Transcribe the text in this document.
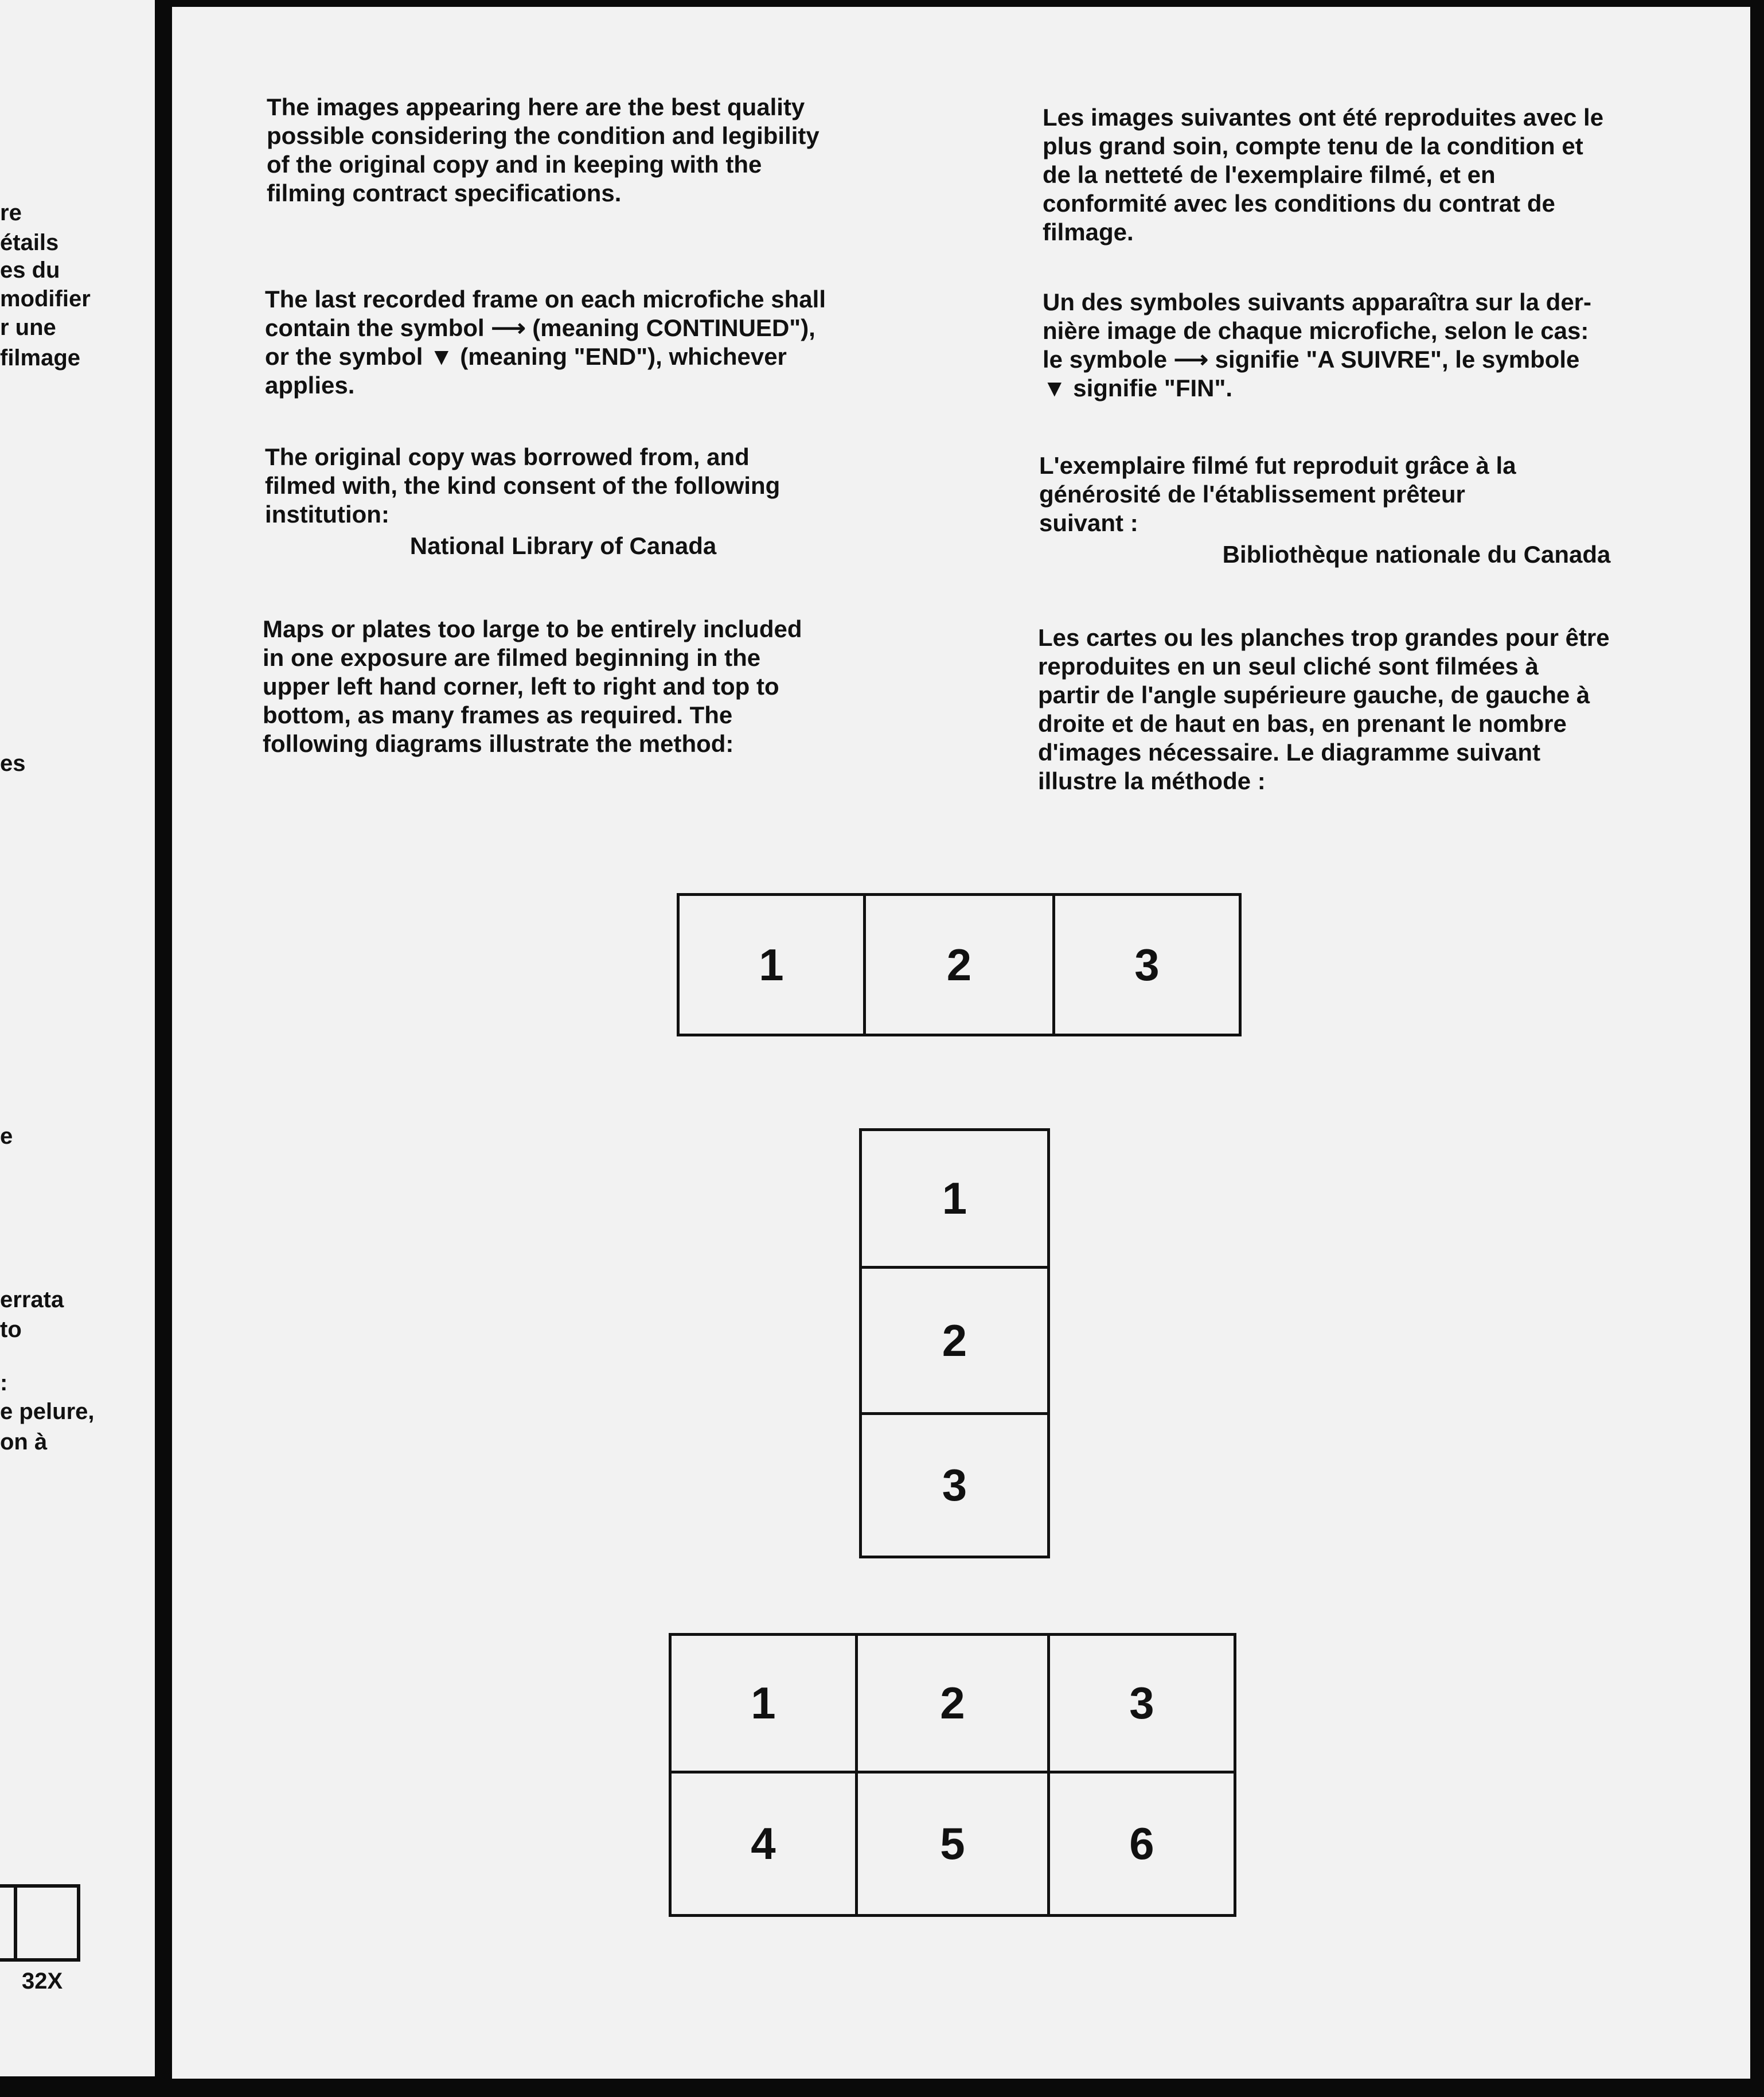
re
étails
es du
modifier
r une
filmage
es
e
errata
to
:
e pelure,
on à
32X

The images appearing here are the best quality

possible considering the condition and legibility

of the original copy and in keeping with the

filming contract specifications.

The last recorded frame on each microfiche shall

contain the symbol ⟶ (meaning CONTINUED"),

or the symbol ▼ (meaning "END"), whichever

applies.

The original copy was borrowed from, and

filmed with, the kind consent of the following

institution:

National Library of Canada

Maps or plates too large to be entirely included

in one exposure are filmed beginning in the

upper left hand corner, left to right and top to

bottom, as many frames as required. The

following diagrams illustrate the method:

Les images suivantes ont été reproduites avec le

plus grand soin, compte tenu de la condition et

de la netteté de l'exemplaire filmé, et en

conformité avec les conditions du contrat de

filmage.

Un des symboles suivants apparaîtra sur la der-

nière image de chaque microfiche, selon le cas:

le symbole ⟶ signifie "A SUIVRE", le symbole

▼ signifie "FIN".

L'exemplaire filmé fut reproduit grâce à la

générosité de l'établissement prêteur

suivant :

Bibliothèque nationale du Canada

Les cartes ou les planches trop grandes pour être

reproduites en un seul cliché sont filmées à

partir de l'angle supérieure gauche, de gauche à

droite et de haut en bas, en prenant le nombre

d'images nécessaire. Le diagramme suivant

illustre la méthode :

1	2	3
1
2
3
1	2	3
4	5	6
